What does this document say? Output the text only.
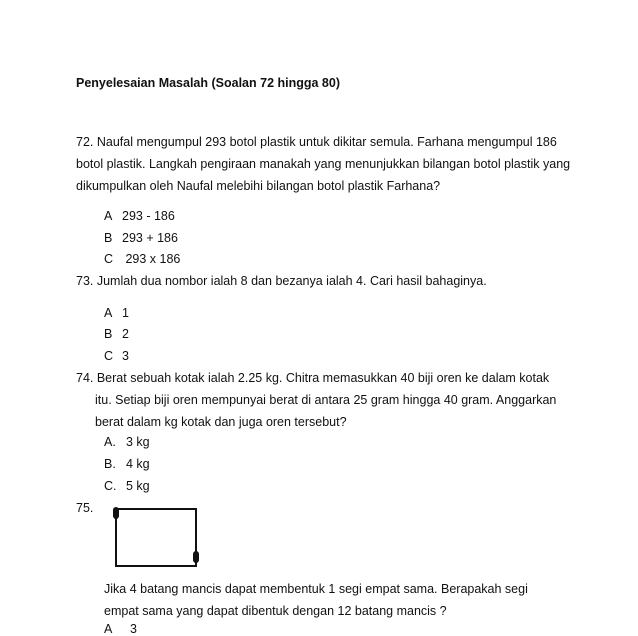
Penyelesaian Masalah (Soalan 72 hingga 80)
72. Naufal mengumpul 293 botol plastik untuk dikitar semula. Farhana mengumpul 186
botol plastik. Langkah pengiraan manakah yang menunjukkan bilangan botol plastik yang
dikumpulkan oleh Naufal melebihi bilangan botol plastik Farhana?
A 293 - 186
B 293 + 186
C 293 x 186
73. Jumlah dua nombor ialah 8 dan bezanya ialah 4. Cari hasil bahaginya.
A 1
B 2
C 3
74. Berat sebuah kotak ialah 2.25 kg. Chitra memasukkan 40 biji oren ke dalam kotak
itu. Setiap biji oren mempunyai berat di antara 25 gram hingga 40 gram. Anggarkan
berat dalam kg kotak dan juga oren tersebut?
A. 3 kg
B. 4 kg
C. 5 kg
75.
Jika 4 batang mancis dapat membentuk 1 segi empat sama. Berapakah segi
empat sama yang dapat dibentuk dengan 12 batang mancis ?
A	3
